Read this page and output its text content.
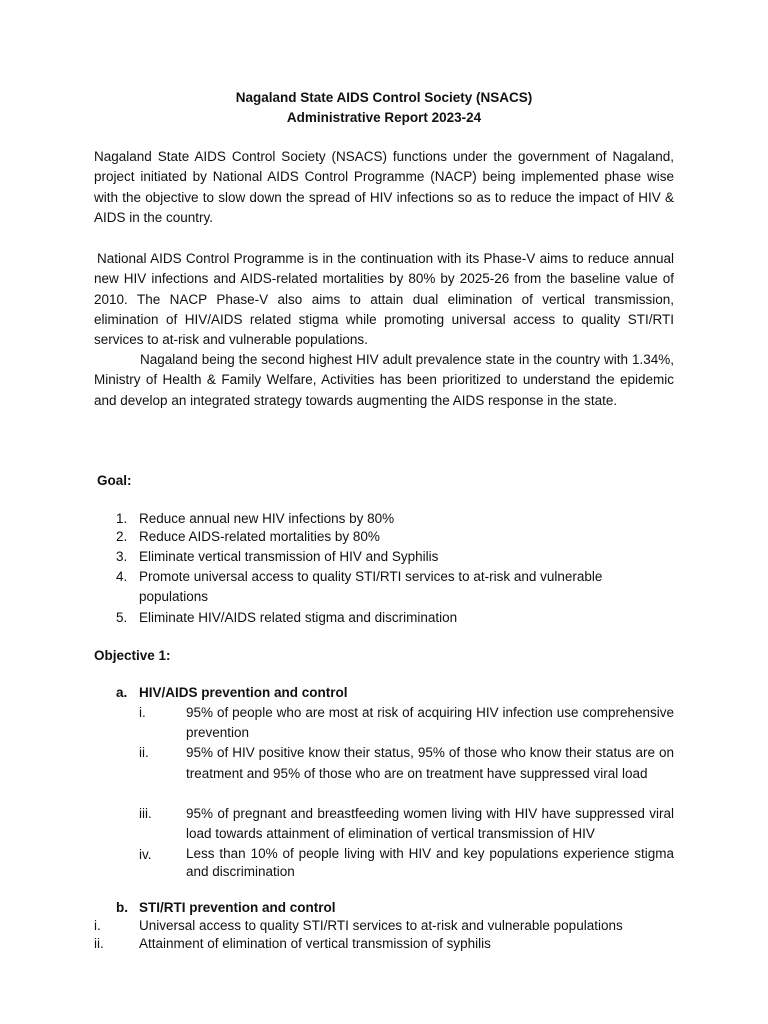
Nagaland State AIDS Control Society (NSACS)
Administrative Report 2023-24
Nagaland State AIDS Control Society (NSACS) functions under the government of Nagaland, project initiated by National AIDS Control Programme (NACP) being implemented phase wise with the objective to slow down the spread of HIV infections so as to reduce the impact of HIV & AIDS in the country.
National AIDS Control Programme is in the continuation with its Phase-V aims to reduce annual new HIV infections and AIDS-related mortalities by 80% by 2025-26 from the baseline value of 2010. The NACP Phase-V also aims to attain dual elimination of vertical transmission, elimination of HIV/AIDS related stigma while promoting universal access to quality STI/RTI services to at-risk and vulnerable populations.
Nagaland being the second highest HIV adult prevalence state in the country with 1.34%, Ministry of Health & Family Welfare, Activities has been prioritized to understand the epidemic and develop an integrated strategy towards augmenting the AIDS response in the state.
Goal:
1. Reduce annual new HIV infections by 80%
2. Reduce AIDS-related mortalities by 80%
3. Eliminate vertical transmission of HIV and Syphilis
4. Promote universal access to quality STI/RTI services to at-risk and vulnerable populations
5. Eliminate HIV/AIDS related stigma and discrimination
Objective 1:
a. HIV/AIDS prevention and control
i.	95% of people who are most at risk of acquiring HIV infection use comprehensive prevention
ii.	95% of HIV positive know their status, 95% of those who know their status are on treatment and 95% of those who are on treatment have suppressed viral load
iii.	95% of pregnant and breastfeeding women living with HIV have suppressed viral load towards attainment of elimination of vertical transmission of HIV
iv.	Less than 10% of people living with HIV and key populations experience stigma and discrimination
b. STI/RTI prevention and control
i.	Universal access to quality STI/RTI services to at-risk and vulnerable populations
ii.	Attainment of elimination of vertical transmission of syphilis
